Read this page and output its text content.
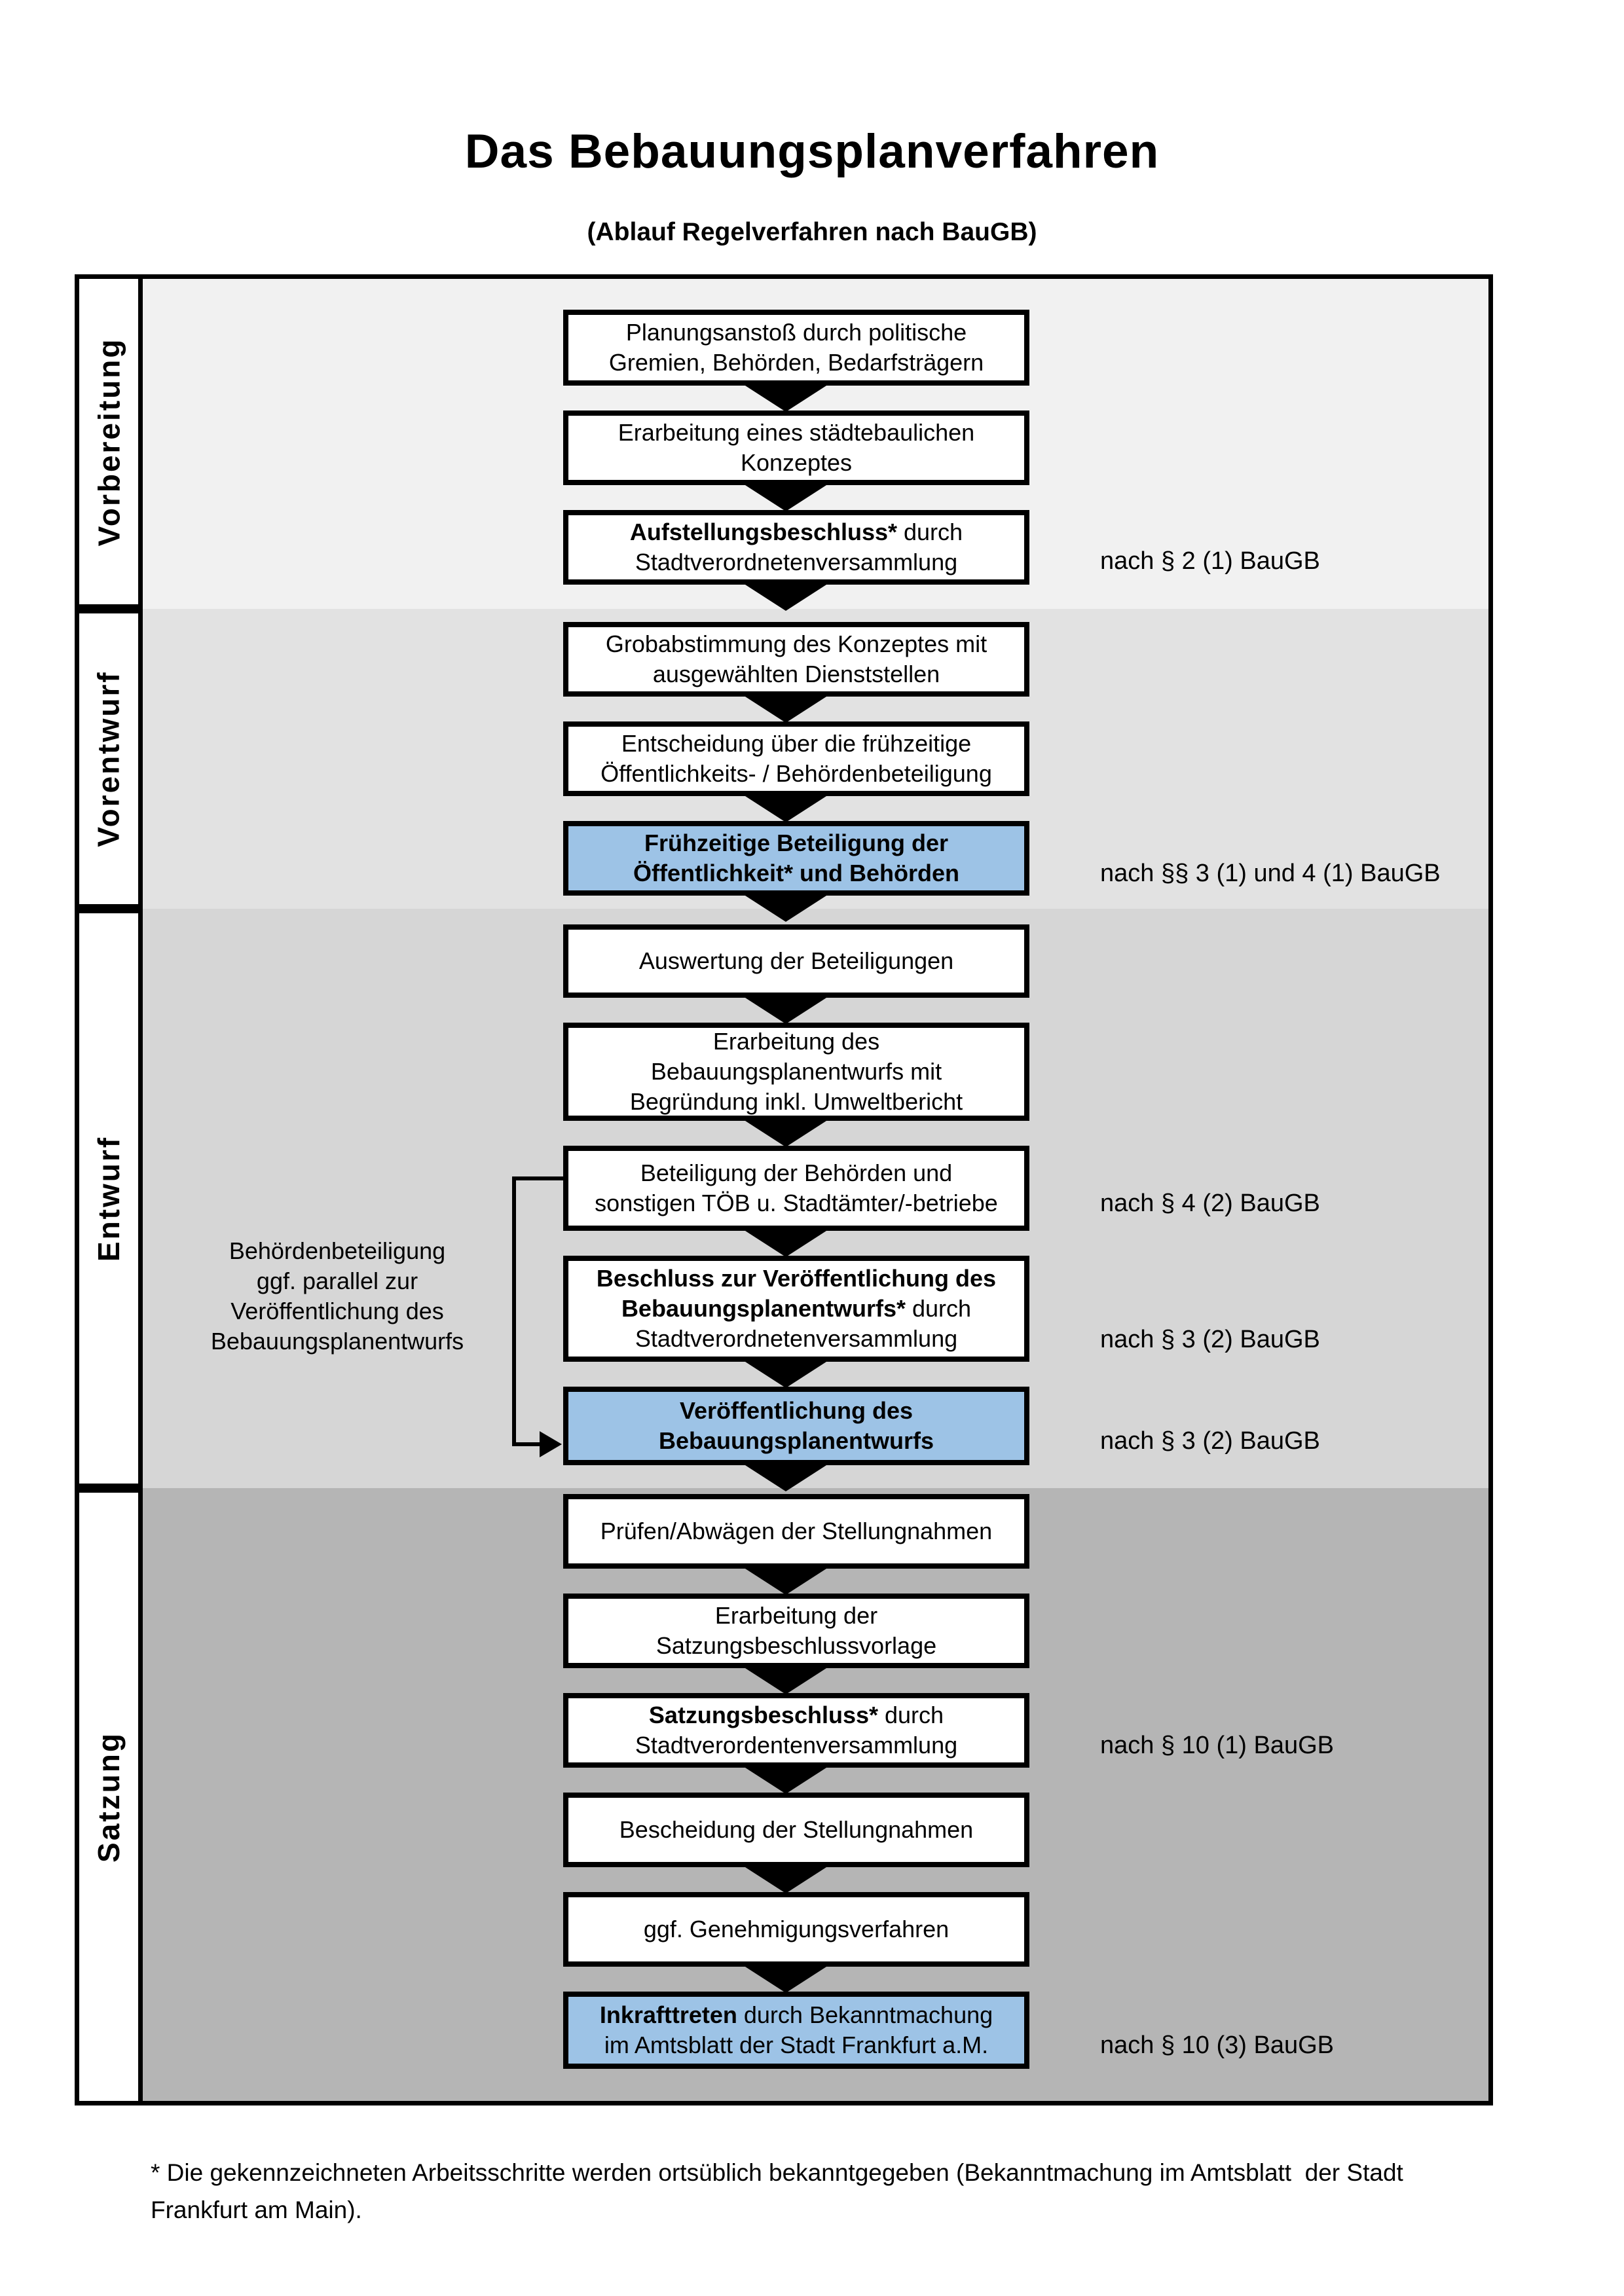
Das Bebauungsplanverfahren
(Ablauf Regelverfahren nach BauGB)
Vorbereitung
Vorentwurf
Entwurf
Satzung
Planungsanstoß durch politische
Gremien, Behörden, Bedarfsträgern
Erarbeitung eines städtebaulichen
Konzeptes
Aufstellungsbeschluss* durch
Stadtverordnetenversammlung	nach § 2 (1) BauGB
Grobabstimmung des Konzeptes mit
ausgewählten Dienststellen
Entscheidung über die frühzeitige
Öffentlichkeits- / Behördenbeteiligung
Frühzeitige Beteiligung der
Öffentlichkeit* und Behörden	nach §§ 3 (1) und 4 (1) BauGB
Auswertung der Beteiligungen
Erarbeitung des
Bebauungsplanentwurfs mit
Begründung inkl. Umweltbericht
Beteiligung der Behörden und
sonstigen TÖB u. Stadtämter/-betriebe	nach § 4 (2) BauGB
Beschluss zur Veröffentlichung des
Bebauungsplanentwurfs* durch
Stadtverordnetenversammlung	nach § 3 (2) BauGB
Veröffentlichung des
Bebauungsplanentwurfs	nach § 3 (2) BauGB
Behördenbeteiligung
ggf. parallel zur
Veröffentlichung des
Bebauungsplanentwurfs
Prüfen/Abwägen der Stellungnahmen
Erarbeitung der
Satzungsbeschlussvorlage
Satzungsbeschluss* durch
Stadtverordentenversammlung	nach § 10 (1) BauGB
Bescheidung der Stellungnahmen
ggf. Genehmigungsverfahren
Inkrafttreten durch Bekanntmachung
im Amtsblatt der Stadt Frankfurt a.M.	nach § 10 (3) BauGB
* Die gekennzeichneten Arbeitsschritte werden ortsüblich bekanntgegeben (Bekanntmachung im Amtsblatt  der Stadt
Frankfurt am Main).
